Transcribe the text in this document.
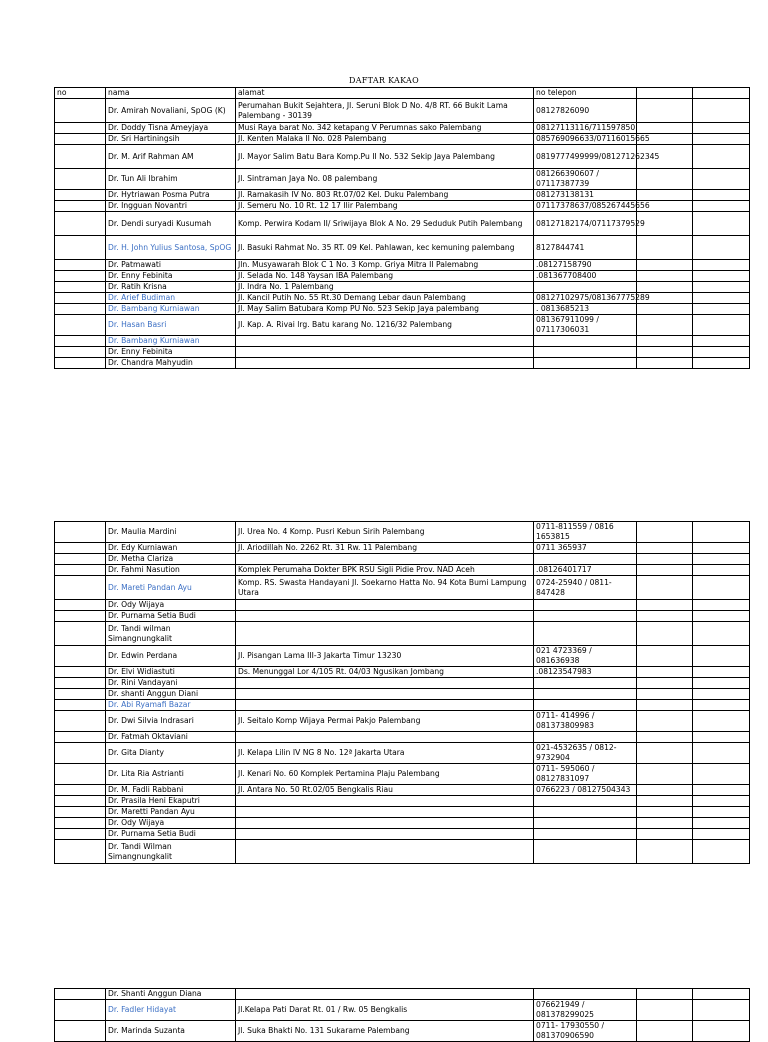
DAFTAR KAKAO
no	nama	alamat	no telepon		
	Dr. Amirah Novaliani, SpOG (K)	Perumahan Bukit Sejahtera, Jl. Seruni Blok D No. 4/8 RT. 66 Bukit Lama Palembang - 30139	08127826090		
	Dr. Doddy Tisna Ameyjaya	Musi Raya barat No. 342 ketapang V Perumnas sako Palembang	08127113116/711597850		
	Dr. Sri Hartiningsih	Jl. Kenten Malaka II No. 028 Palembang	085769096633/07116015665		
	Dr. M. Arif Rahman AM	Jl. Mayor Salim Batu Bara Komp.Pu II No. 532 Sekip Jaya Palembang	0819777499999/081271262345		
	Dr. Tun Ali Ibrahim	Jl. Sintraman Jaya No. 08 palembang	081266390607 / 07117387739		
	Dr. Hytriawan Posma Putra	Jl. Ramakasih IV No. 803 Rt.07/02 Kel. Duku Palembang	081273138131		
	Dr. Ingguan Novantri	Jl. Semeru No. 10 Rt. 12 17 Ilir Palembang	07117378637/085267445656		
	Dr. Dendi suryadi Kusumah	Komp. Perwira Kodam II/ Sriwijaya Blok A No. 29 Seduduk Putih Palembang	08127182174/07117379529		
	Dr. H. John Yulius Santosa, SpOG	Jl. Basuki Rahmat No. 35 RT. 09 Kel. Pahlawan, kec kemuning palembang	8127844741		
	Dr. Patmawati	Jln. Musyawarah Blok C 1 No. 3 Komp. Griya Mitra II Palemabng	.08127158790		
	Dr. Enny Febinita	Jl. Selada No. 148 Yaysan IBA Palembang	.081367708400		
	Dr. Ratih Krisna	Jl. Indra No. 1 Palembang			
	Dr. Arief Budiman	Jl. Kancil Putih No. 55 Rt.30 Demang Lebar daun Palembang	08127102975/081367775289		
	Dr. Bambang Kurniawan	Jl. May Salim Batubara Komp PU No. 523 Sekip Jaya palembang	. 0813685213		
	Dr. Hasan Basri	Jl. Kap. A. Rivai lrg. Batu karang No. 1216/32 Palembang	081367911099 / 07117306031		
	Dr. Bambang Kurniawan				
	Dr. Enny Febinita				
	Dr. Chandra Mahyudin				
	Dr. Maulia Mardini	Jl. Urea No. 4 Komp. Pusri Kebun Sirih Palembang	0711-811559 / 0816 1653815		
	Dr. Edy Kurniawan	Jl. Ariodillah No. 2262 Rt. 31 Rw. 11 Palembang	0711 365937		
	Dr. Metha Clariza				
	Dr. Fahmi Nasution	Komplek Perumaha Dokter BPK RSU Sigli Pidie Prov. NAD Aceh	.08126401717		
	Dr. Mareti Pandan Ayu	Komp. RS. Swasta Handayani Jl. Soekarno Hatta No. 94 Kota Bumi Lampung Utara	0724-25940 / 0811-847428		
	Dr. Ody Wijaya				
	Dr. Purnama Setia Budi				
	Dr. Tandi wilman Simangnungkalit				
	Dr. Edwin Perdana	Jl. Pisangan Lama III-3 Jakarta Timur 13230	021 4723369 / 081636938		
	Dr. Elvi Widiastuti	Ds. Menunggal Lor 4/105 Rt. 04/03 Ngusikan Jombang	.08123547983		
	Dr. Rini Vandayani				
	Dr. shanti Anggun Diani				
	Dr. Abi Ryamafi Bazar				
	Dr. Dwi Silvia Indrasari	Jl. Seitalo Komp Wijaya Permai Pakjo Palembang	0711- 414996 / 081373809983		
	Dr. Fatmah Oktaviani				
	Dr. Gita Dianty	Jl. Kelapa Lilin IV NG 8 No. 12ª Jakarta Utara	021-4532635 / 0812-9732904		
	Dr. Lita Ria Astrianti	Jl. Kenari No. 60 Komplek Pertamina Plaju Palembang	0711- 595060 / 08127831097		
	Dr. M. Fadli Rabbani	Jl. Antara No. 50 Rt.02/05 Bengkalis Riau	0766223 / 08127504343		
	Dr. Prasila Heni Ekaputri				
	Dr. Maretti Pandan Ayu				
	Dr. Ody Wijaya				
	Dr. Purnama Setia Budi				
	Dr. Tandi Wilman Simangnungkalit				
	Dr. Shanti Anggun Diana				
	Dr. Fadler Hidayat	Jl.Kelapa Pati Darat Rt. 01 / Rw. 05 Bengkalis	076621949 / 081378299025		
	Dr. Marinda Suzanta	Jl. Suka Bhakti No. 131 Sukarame Palembang	0711- 17930550 / 081370906590		
